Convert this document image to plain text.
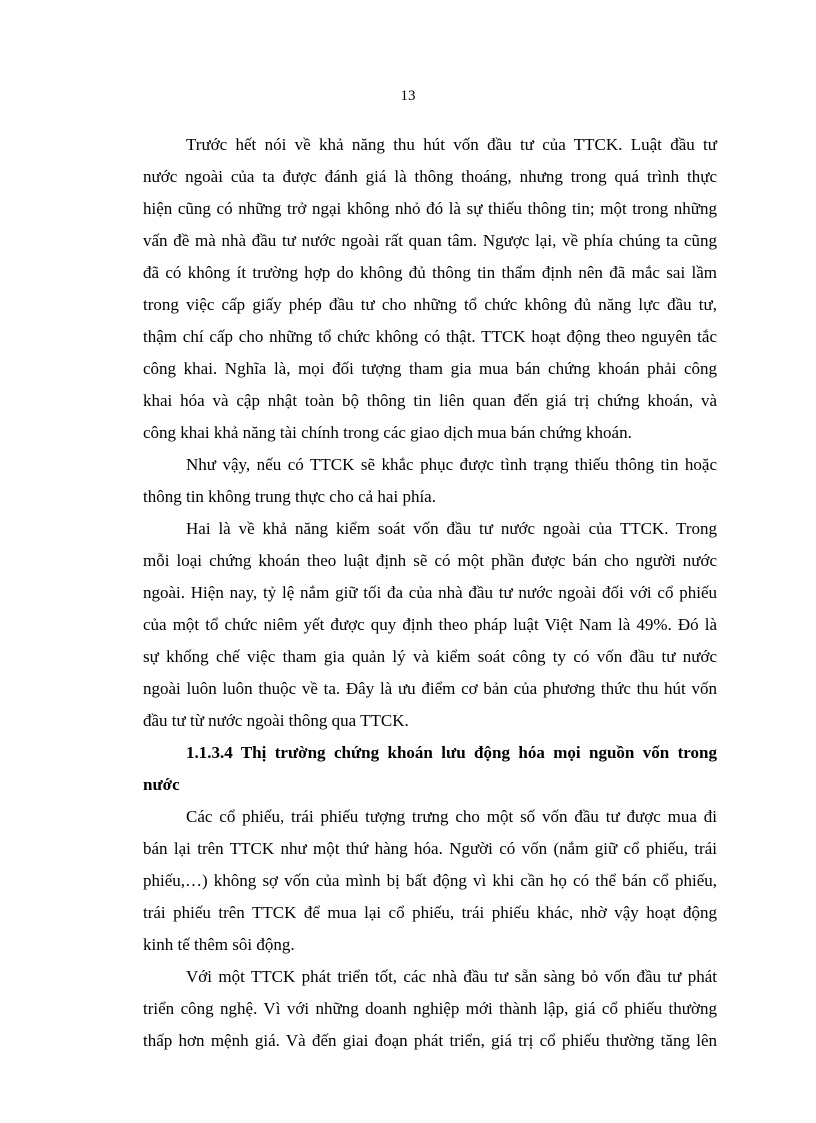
13
Trước hết nói về khả năng thu hút vốn đầu tư của TTCK. Luật đầu tư
nước ngoài của ta được đánh giá là thông thoáng, nhưng trong quá trình thực
hiện cũng có những trở ngại không nhỏ đó là sự thiếu thông tin; một trong những
vấn đề mà nhà đầu tư nước ngoài rất quan tâm. Ngược lại, về phía chúng ta cũng
đã có không ít trường hợp do không đủ thông tin thẩm định nên đã mắc sai lầm
trong việc cấp giấy phép đầu tư cho những tổ chức không đủ năng lực đầu tư,
thậm chí cấp cho những tổ chức không có thật. TTCK hoạt động theo nguyên tắc
công khai. Nghĩa là, mọi đối tượng tham gia mua bán chứng khoán phải công
khai hóa và cập nhật toàn bộ thông tin liên quan đến giá trị chứng khoán, và
công khai khả năng tài chính trong các giao dịch mua bán chứng khoán.
Như vậy, nếu có TTCK sẽ khắc phục được tình trạng thiếu thông tin hoặc
thông tin không trung thực cho cả hai phía.
Hai là về khả năng kiểm soát vốn đầu tư nước ngoài của TTCK. Trong
mỗi loại chứng khoán theo luật định sẽ có một phần được bán cho người nước
ngoài. Hiện nay, tỷ lệ nắm giữ tối đa của nhà đầu tư nước ngoài đối với cổ phiếu
của một tổ chức niêm yết được quy định theo pháp luật Việt Nam là 49%. Đó là
sự khống chế việc tham gia quản lý và kiểm soát công ty có vốn đầu tư nước
ngoài luôn luôn thuộc về ta. Đây là ưu điểm cơ bản của phương thức thu hút vốn
đầu tư từ nước ngoài thông qua TTCK.
1.1.3.4 Thị trường chứng khoán lưu động hóa mọi nguồn vốn trong
nước
Các cổ phiếu, trái phiếu tượng trưng cho một số vốn đầu tư được mua đi
bán lại trên TTCK như một thứ hàng hóa. Người có vốn (nắm giữ cổ phiếu, trái
phiếu,…) không sợ vốn của mình bị bất động vì khi cần họ có thể bán cổ phiếu,
trái phiếu trên TTCK để mua lại cổ phiếu, trái phiếu khác, nhờ vậy hoạt động
kinh tế thêm sôi động.
Với một TTCK phát triển tốt, các nhà đầu tư sẵn sàng bỏ vốn đầu tư phát
triển công nghệ. Vì với những doanh nghiệp mới thành lập, giá cổ phiếu thường
thấp hơn mệnh giá. Và đến giai đoạn phát triển, giá trị cổ phiếu thường tăng lên
